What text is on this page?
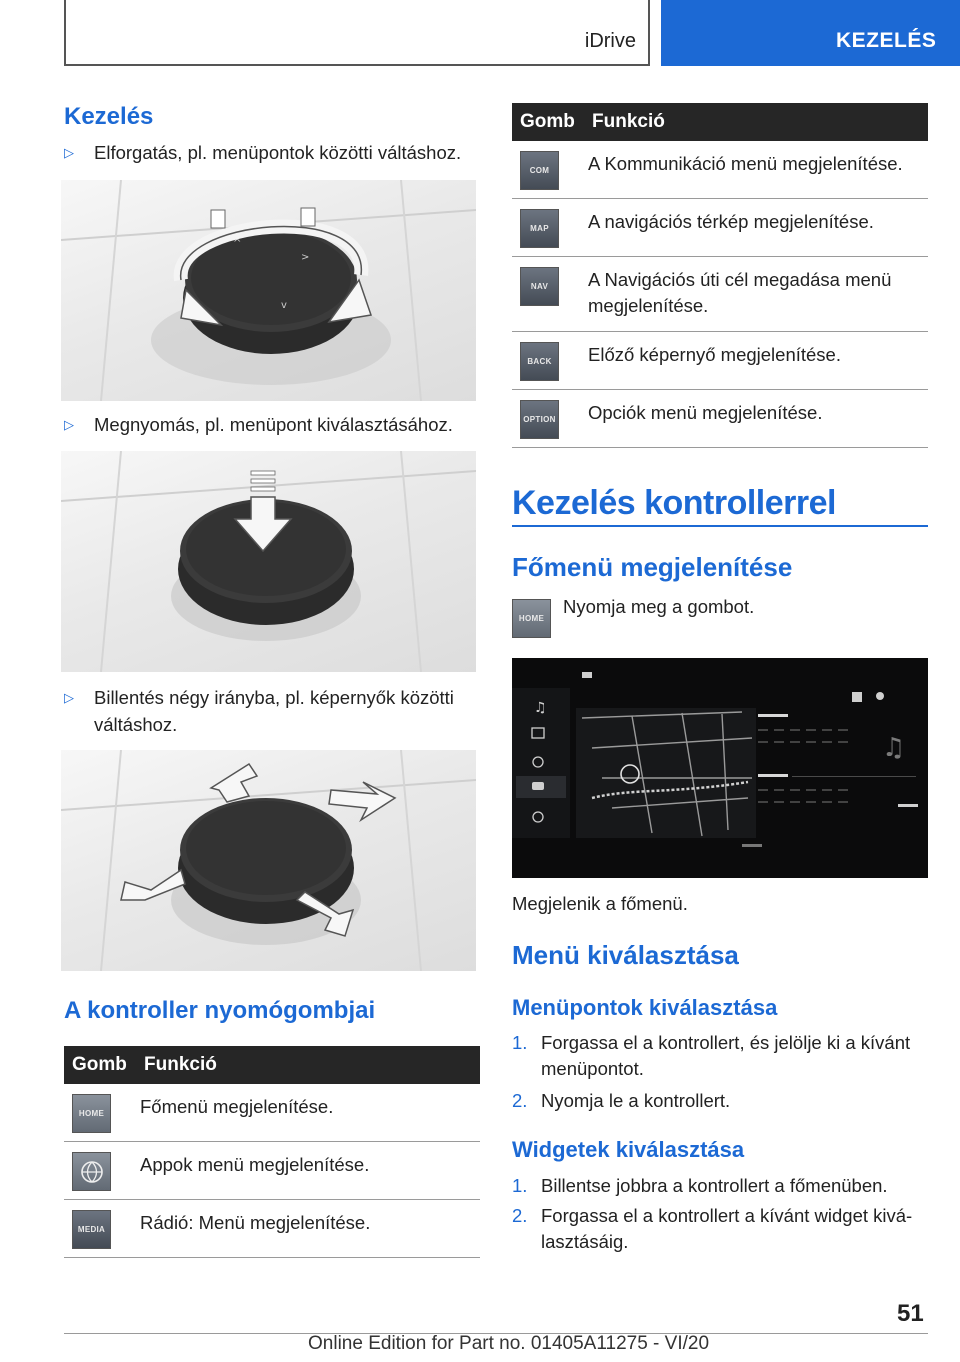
iDrive	KEZELÉS
Kezelés
▷ Elforgatás, pl. menüpontok közötti váltáshoz.
^
>
v
▷ Megnyomás, pl. menüpont kiválasztásához.
▷ Billentés négy irányba, pl. képernyők közötti váltáshoz.
A kontroller nyomógombjai
Gomb	Funkció

HOME	Főmenü megjelenítése.

	Appok menü megjelenítése.

MEDIA	Rádió: Menü megjelenítése.
Gomb	Funkció

COM	A Kommunikáció menü megjelenítése.

MAP	A navigációs térkép megjelenítése.

NAV	A Navigációs úti cél megadása menü megjelenítése.

BACK	Előző képernyő megjelenítése.

OPTION	Opciók menü megjelenítése.
Kezelés kontrollerrel
Főmenü megjelenítése
HOME
Nyomja meg a gombot.
♫
♫
Megjelenik a főmenü.
Menü kiválasztása
Menüpontok kiválasztása
1. Forgassa el a kontrollert, és jelölje ki a kívánt menüpontot.
2. Nyomja le a kontrollert.
Widgetek kiválasztása
1. Billentse jobbra a kontrollert a főmenüben.
2. Forgassa el a kontrollert a kívánt widget kiválasztásáig.
51
Online Edition for Part no. 01405A11275 - VI/20
